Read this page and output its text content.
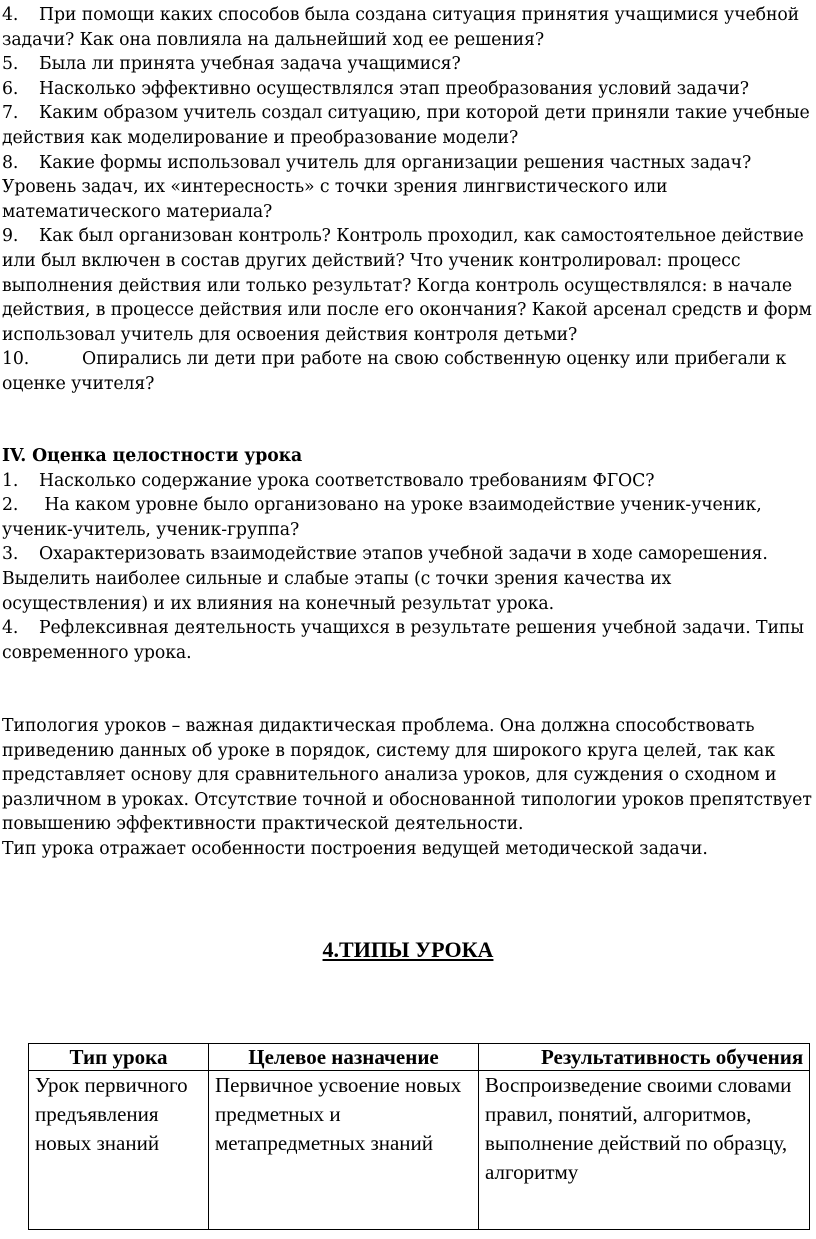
4. При помощи каких способов была создана ситуация принятия учащимися учебной задачи? Как она повлияла на дальнейший ход ее решения?

5. Была ли принята учебная задача учащимися?

6. Насколько эффективно осуществлялся этап преобразования условий задачи?

7. Каким образом учитель создал ситуацию, при которой дети приняли такие учебные действия как моделирование и преобразование модели?

8. Какие формы использовал учитель для организации решения частных задач? Уровень задач, их «интересность» с точки зрения лингвистического или математического материала?

9. Как был организован контроль? Контроль проходил, как самостоятельное действие или был включен в состав других действий? Что ученик контролировал: процесс выполнения действия или только результат? Когда контроль осуществлялся: в начале действия, в процессе действия или после его окончания? Какой арсенал средств и форм использовал учитель для освоения действия контроля детьми?

10.	Опирались ли дети при работе на свою собственную оценку или прибегали к оценке учителя?

IV. Оценка целостности урока

1. Насколько содержание урока соответствовало требованиям ФГОС?

2. На каком уровне было организовано на уроке взаимодействие ученик-ученик, ученик-учитель, ученик-группа?

3. Охарактеризовать взаимодействие этапов учебной задачи в ходе саморешения. Выделить наиболее сильные и слабые этапы (с точки зрения качества их осуществления) и их влияния на конечный результат урока.

4. Рефлексивная деятельность учащихся в результате решения учебной задачи. Типы современного урока.

Типология уроков – важная дидактическая проблема. Она должна способствовать приведению данных об уроке в порядок, систему для широкого круга целей, так как представляет основу для сравнительного анализа уроков, для суждения о сходном и различном в уроках. Отсутствие точной и обоснованной типологии уроков препятствует повышению эффективности практической деятельности.

Тип урока отражает особенности построения ведущей методической задачи.

4.ТИПЫ УРОКА
Тип урока	Целевое назначение	Результативность обучения
Урок первичного предъявления новых знаний	Первичное усвоение новых предметных и метапредметных знаний	Воспроизведение своими словами
правил, понятий, алгоритмов,
выполнение действий по образцу,
алгоритму
